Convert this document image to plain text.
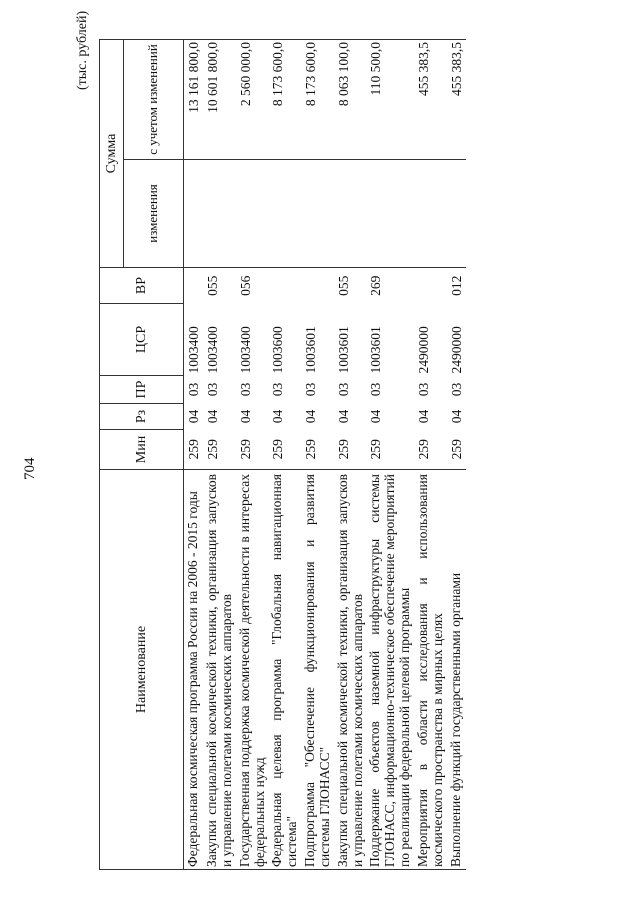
704
(тыс. рублей)
Наименование	Мин	Рз	ПР	ЦСР	ВР	Сумма	
						изменения	с учетом изменений
Федеральная космическая программа России на 2006 - 2015 годы	259	04	03	1003400			13 161 800,0
Закупки специальной космической техники, организация запусков и управление полетами космических аппаратов	259	04	03	1003400	055		10 601 800,0
Государственная поддержка космической деятельности в интересах федеральных нужд	259	04	03	1003400	056		2 560 000,0
Федеральная целевая программа "Глобальная навигационная система"	259	04	03	1003600			8 173 600,0
Подпрограмма "Обеспечение функционирования и развития системы ГЛОНАСС"	259	04	03	1003601			8 173 600,0
Закупки специальной космической техники, организация запусков и управление полетами космических аппаратов	259	04	03	1003601	055		8 063 100,0
Поддержание объектов наземной инфраструктуры системы ГЛОНАСС, информационно-техническое обеспечение мероприятий по реализации федеральной целевой программы	259	04	03	1003601	269		110 500,0
Мероприятия в области исследования и использования космического пространства в мирных целях	259	04	03	2490000			455 383,5
Выполнение функций государственными органами	259	04	03	2490000	012		455 383,5
